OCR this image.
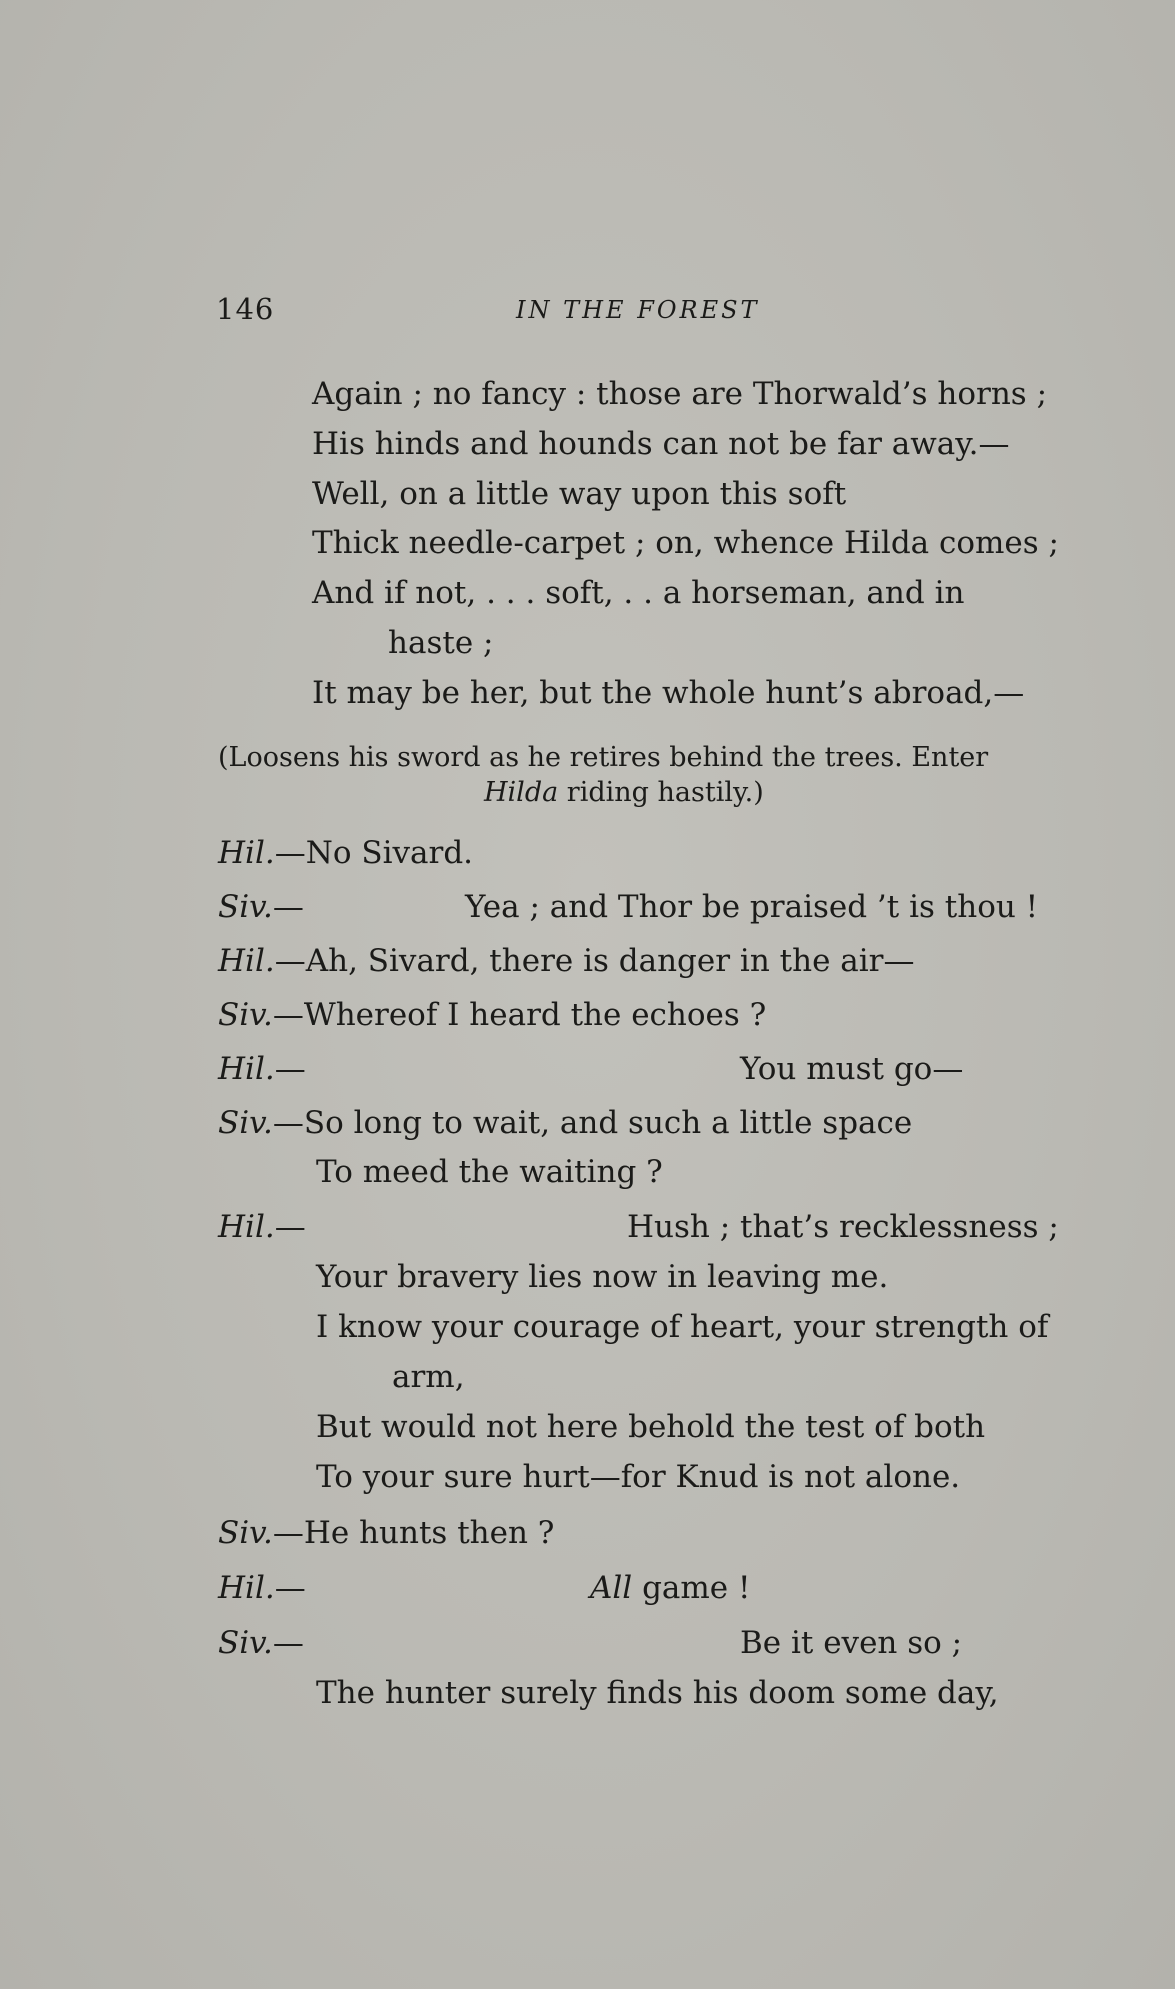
146	IN THE FOREST
Again ; no fancy : those are Thorwald’s horns ;
His hinds and hounds can not be far away.—
Well, on a little way upon this soft
Thick needle-carpet ; on, whence Hilda comes ;
And if not, . . . soft, . . a horseman, and in
haste ;
It may be her, but the whole hunt’s abroad,—
(Loosens his sword as he retires behind the trees. Enter
Hilda riding hastily.)
Hil.—No Sivard.
Siv.—	Yea ; and Thor be praised ’t is thou !
Hil.—Ah, Sivard, there is danger in the air—
Siv.—Whereof I heard the echoes ?
Hil.—	You must go—
Siv.—So long to wait, and such a little space
To meed the waiting ?
Hil.—	Hush ; that’s recklessness ;
Your bravery lies now in leaving me.
I know your courage of heart, your strength of
arm,
But would not here behold the test of both
To your sure hurt—for Knud is not alone.
Siv.—He hunts then ?
Hil.—	All game !
Siv.—	Be it even so ;
The hunter surely finds his doom some day,
